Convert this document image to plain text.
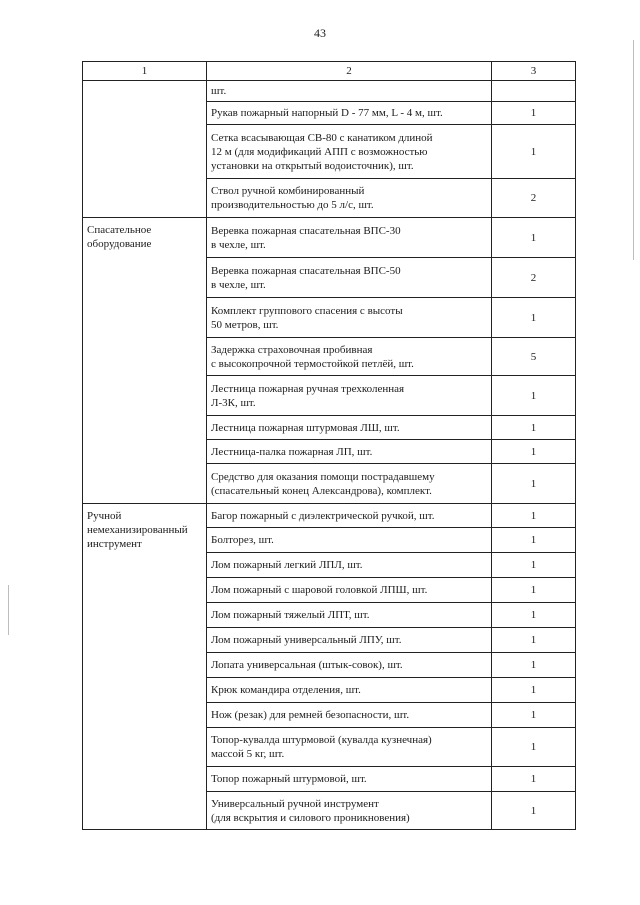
43
1	2	3
	шт.	
	Рукав пожарный напорный D - 77 мм, L - 4 м, шт.	1
	Сетка всасывающая СВ-80 с канатиком длиной
12 м (для модификаций АПП с возможностью
установки на открытый водоисточник), шт.	1
	Ствол ручной комбинированный
производительностью до 5 л/с, шт.	2
Спасательное
оборудование	Веревка пожарная спасательная ВПС-30
в чехле, шт.	1
	Веревка пожарная спасательная ВПС-50
в чехле, шт.	2
	Комплект группового спасения с высоты
50 метров, шт.	1
	Задержка страховочная пробивная
с высокопрочной термостойкой петлёй, шт.	5
	Лестница пожарная ручная трехколенная
Л-3К, шт.	1
	Лестница пожарная штурмовая ЛШ, шт.	1
	Лестница-палка пожарная ЛП, шт.	1
	Средство для оказания помощи пострадавшему
(спасательный конец Александрова), комплект.	1
Ручной
немеханизированный
инструмент	Багор пожарный с диэлектрической ручкой, шт.	1
	Болторез, шт.	1
	Лом пожарный легкий ЛПЛ, шт.	1
	Лом пожарный с шаровой головкой ЛПШ, шт.	1
	Лом пожарный тяжелый ЛПТ, шт.	1
	Лом пожарный универсальный ЛПУ, шт.	1
	Лопата универсальная (штык-совок), шт.	1
	Крюк командира отделения, шт.	1
	Нож (резак) для ремней безопасности, шт.	1
	Топор-кувалда штурмовой (кувалда кузнечная)
массой 5 кг, шт.	1
	Топор пожарный штурмовой, шт.	1
	Универсальный ручной инструмент
(для вскрытия и силового проникновения)	1
